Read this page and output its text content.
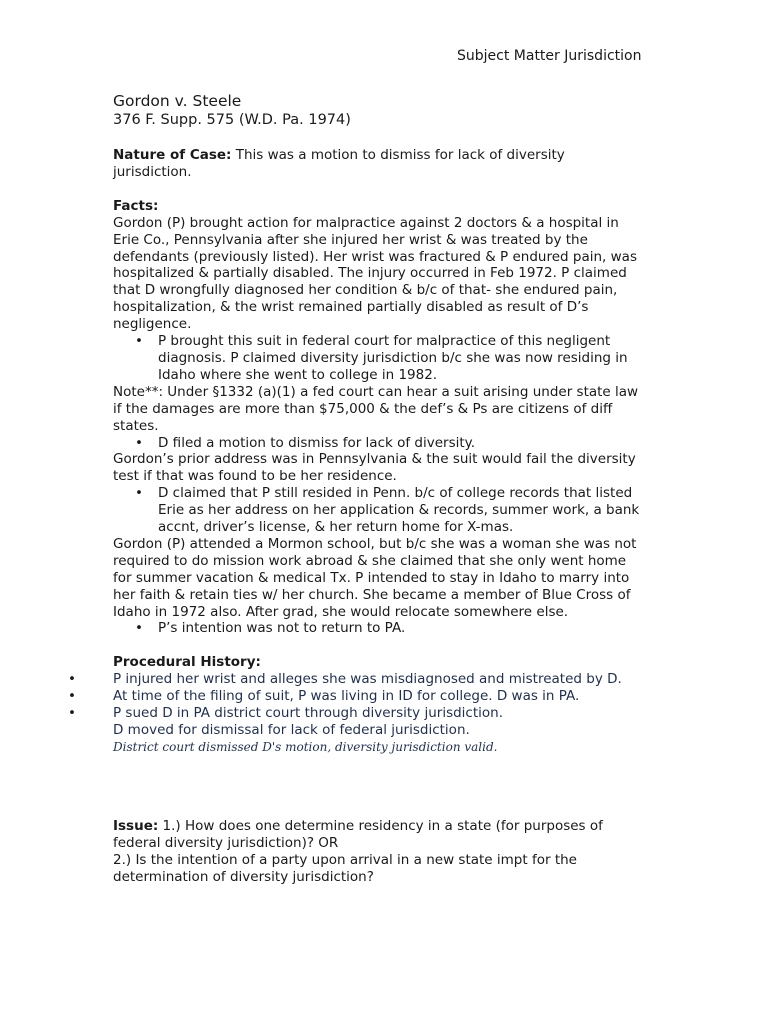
Subject Matter Jurisdiction

Gordon v. Steele

376 F. Supp. 575 (W.D. Pa. 1974)

Nature of Case: This was a motion to dismiss for lack of diversity jurisdiction.

Facts:

Gordon (P) brought action for malpractice against 2 doctors & a hospital in Erie Co., Pennsylvania after she injured her wrist & was treated by the defendants (previously listed). Her wrist was fractured & P endured pain, was hospitalized & partially disabled. The injury occurred in Feb 1972. P claimed that D wrongfully diagnosed her condition & b/c of that- she endured pain, hospitalization, & the wrist remained partially disabled as result of D’s negligence.

• P brought this suit in federal court for malpractice of this negligent diagnosis. P claimed diversity jurisdiction b/c she was now residing in Idaho where she went to college in 1982.

Note**: Under §1332 (a)(1) a fed court can hear a suit arising under state law if the damages are more than $75,000 & the def’s & Ps are citizens of diff states.

• D filed a motion to dismiss for lack of diversity.

Gordon’s prior address was in Pennsylvania & the suit would fail the diversity test if that was found to be her residence.

• D claimed that P still resided in Penn. b/c of college records that listed Erie as her address on her application & records, summer work, a bank accnt, driver’s license, & her return home for X-mas.

Gordon (P) attended a Mormon school, but b/c she was a woman she was not required to do mission work abroad & she claimed that she only went home for summer vacation & medical Tx. P intended to stay in Idaho to marry into her faith & retain ties w/ her church. She became a member of Blue Cross of Idaho in 1972 also. After grad, she would relocate somewhere else.

• P’s intention was not to return to PA.

Procedural History:

• P injured her wrist and alleges she was misdiagnosed and mistreated by D.
• At time of the filing of suit, P was living in ID for college. D was in PA.
• P sued D in PA district court through diversity jurisdiction.

D moved for dismissal for lack of federal jurisdiction.

District court dismissed D's motion, diversity jurisdiction valid.

Issue: 1.) How does one determine residency in a state (for purposes of federal diversity jurisdiction)? OR

2.) Is the intention of a party upon arrival in a new state impt for the determination of diversity jurisdiction?
